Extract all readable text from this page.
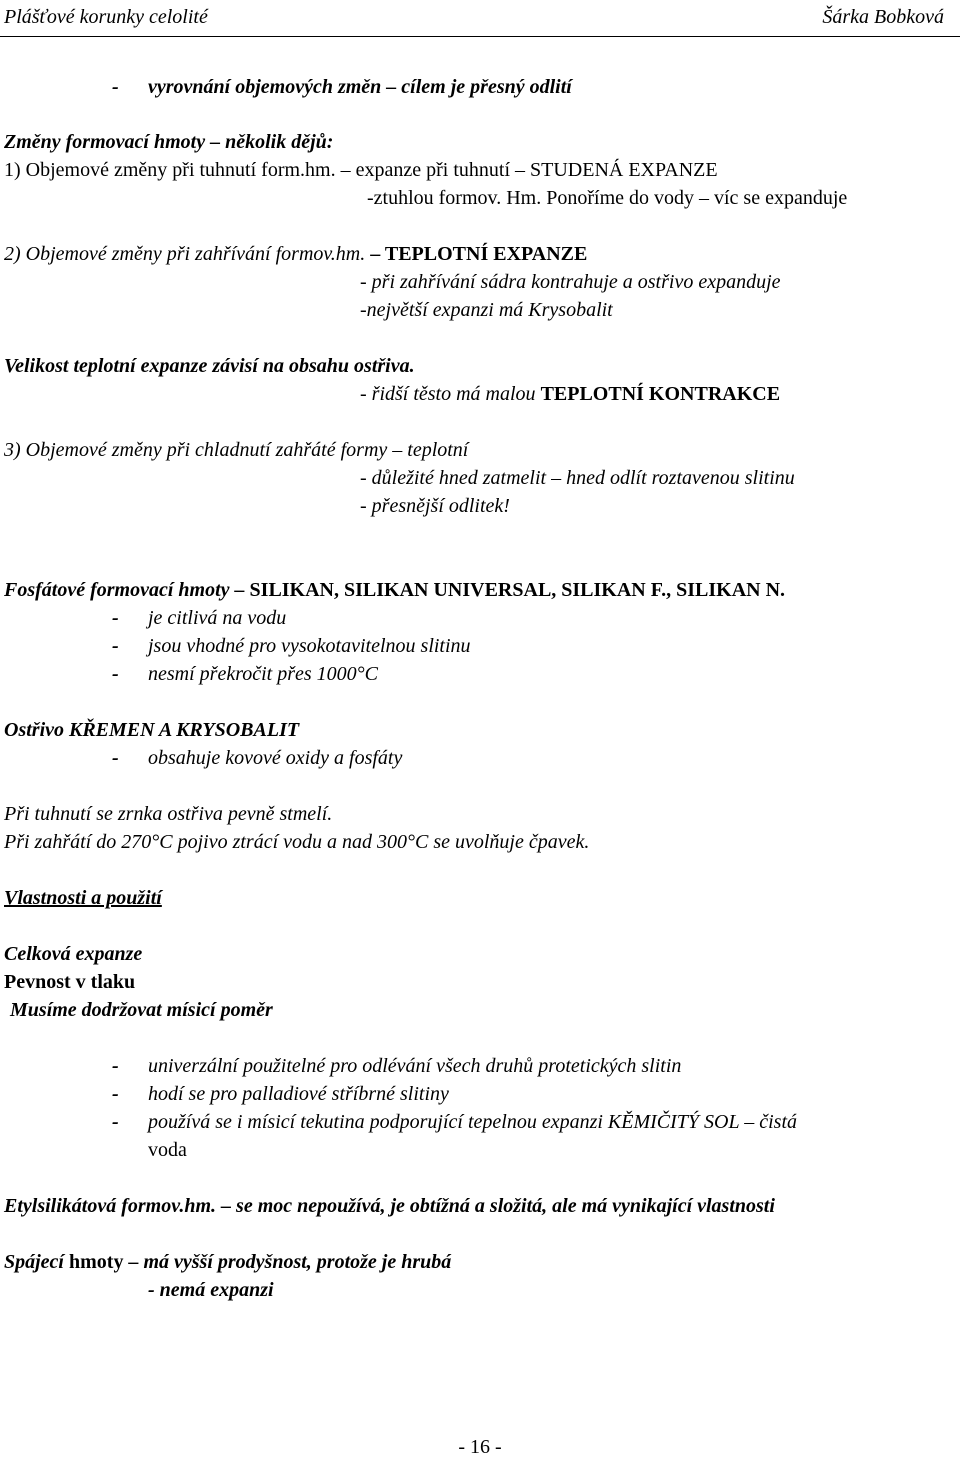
Plášťové korunky celolité	Šárka Bobková
- vyrovnání objemových změn – cílem je přesný odlití
Změny formovací hmoty – několik dějů:
1) Objemové změny při tuhnutí form.hm. – expanze při tuhnutí – STUDENÁ EXPANZE
-ztuhlou formov. Hm. Ponoříme do vody – víc se expanduje
2) Objemové změny při zahřívání formov.hm. – TEPLOTNÍ EXPANZE
- při zahřívání sádra kontrahuje a ostřivo expanduje
-největší expanzi má Krysobalit
Velikost teplotní expanze závisí na obsahu ostřiva.
- řidší těsto má malou TEPLOTNÍ KONTRAKCE
3) Objemové změny při chladnutí zahřáté formy – teplotní
- důležité hned zatmelit – hned odlít roztavenou slitinu
- přesnější odlitek!
Fosfátové formovací hmoty – SILIKAN, SILIKAN UNIVERSAL, SILIKAN F., SILIKAN N.
- je citlivá na vodu
- jsou vhodné pro vysokotavitelnou slitinu
- nesmí překročit přes 1000°C
Ostřivo KŘEMEN A KRYSOBALIT
- obsahuje kovové oxidy a fosfáty
Při tuhnutí se zrnka ostřiva pevně stmelí.
Při zahřátí do 270°C pojivo ztrácí vodu a nad 300°C se uvolňuje čpavek.
Vlastnosti a použití
Celková expanze
Pevnost v tlaku
Musíme dodržovat mísicí poměr
- univerzální použitelné pro odlévání všech druhů protetických slitin
- hodí se pro palladiové stříbrné slitiny
- používá se i mísicí tekutina podporující tepelnou expanzi KĚMIČITÝ SOL – čistá
voda
Etylsilikátová formov.hm. – se moc nepoužívá, je obtížná a složitá, ale má vynikající vlastnosti
Spájecí hmoty – má vyšší prodyšnost, protože je hrubá
- nemá expanzi
- 16 -
